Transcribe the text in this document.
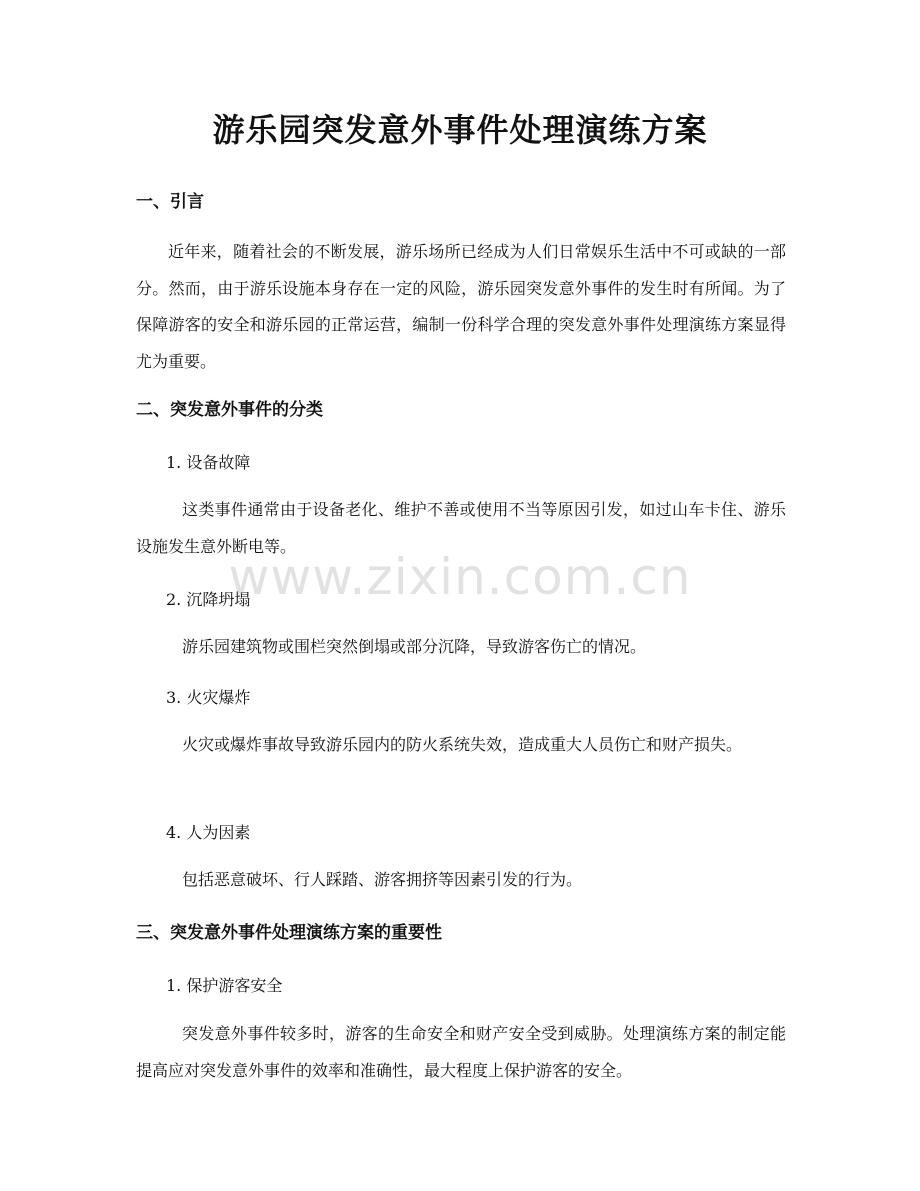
游乐园突发意外事件处理演练方案
一、引言
近年来，随着社会的不断发展，游乐场所已经成为人们日常娱乐生活中不可或缺的一部分。然而，由于游乐设施本身存在一定的风险，游乐园突发意外事件的发生时有所闻。为了保障游客的安全和游乐园的正常运营，编制一份科学合理的突发意外事件处理演练方案显得尤为重要。
二、突发意外事件的分类
1. 设备故障
这类事件通常由于设备老化、维护不善或使用不当等原因引发，如过山车卡住、游乐设施发生意外断电等。
2. 沉降坍塌
游乐园建筑物或围栏突然倒塌或部分沉降，导致游客伤亡的情况。
3. 火灾爆炸
火灾或爆炸事故导致游乐园内的防火系统失效，造成重大人员伤亡和财产损失。
4. 人为因素
包括恶意破坏、行人踩踏、游客拥挤等因素引发的行为。
三、突发意外事件处理演练方案的重要性
1. 保护游客安全
突发意外事件较多时，游客的生命安全和财产安全受到威胁。处理演练方案的制定能提高应对突发意外事件的效率和准确性，最大程度上保护游客的安全。
www.zixin.com.cn
